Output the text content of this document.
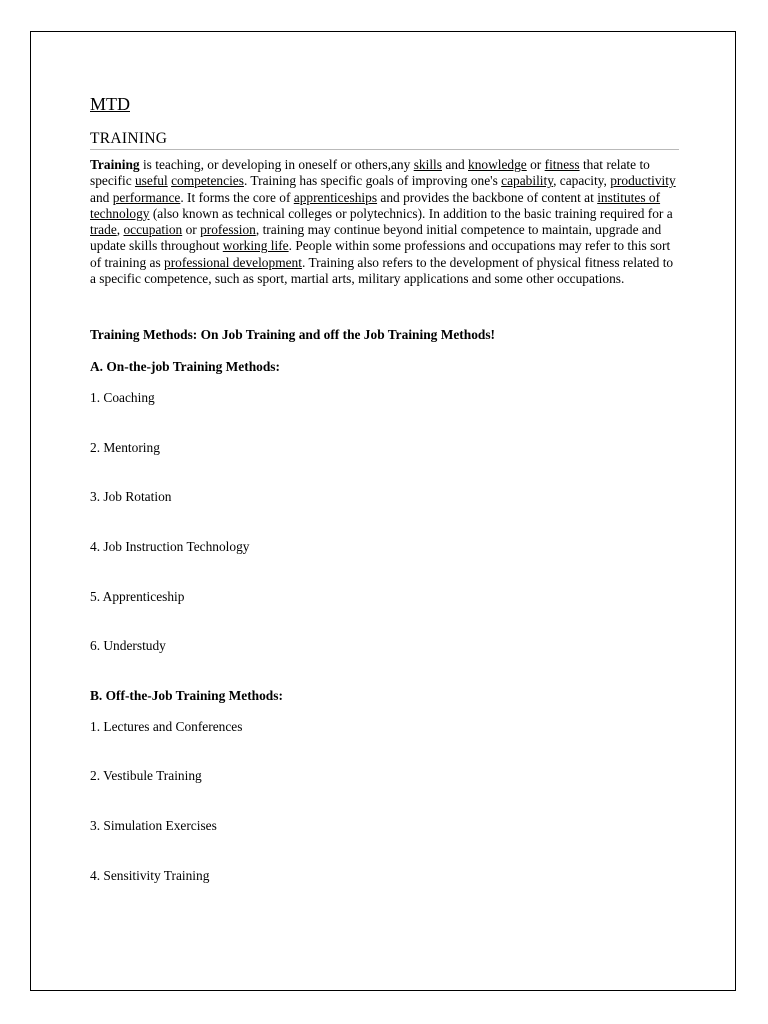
MTD
TRAINING

Training is teaching, or developing in oneself or others,any skills and knowledge or fitness that relate to specific useful competencies. Training has specific goals of improving one's capability, capacity, productivity and performance. It forms the core of apprenticeships and provides the backbone of content at institutes of technology (also known as technical colleges or polytechnics). In addition to the basic training required for a trade, occupation or profession, training may continue beyond initial competence to maintain, upgrade and update skills throughout working life. People within some professions and occupations may refer to this sort of training as professional development. Training also refers to the development of physical fitness related to a specific competence, such as sport, martial arts, military applications and some other occupations.

Training Methods: On Job Training and off the Job Training Methods!

A. On-the-job Training Methods:

1. Coaching

2. Mentoring

3. Job Rotation

4. Job Instruction Technology

5. Apprenticeship

6. Understudy

B. Off-the-Job Training Methods:

1. Lectures and Conferences

2. Vestibule Training

3. Simulation Exercises

4. Sensitivity Training
